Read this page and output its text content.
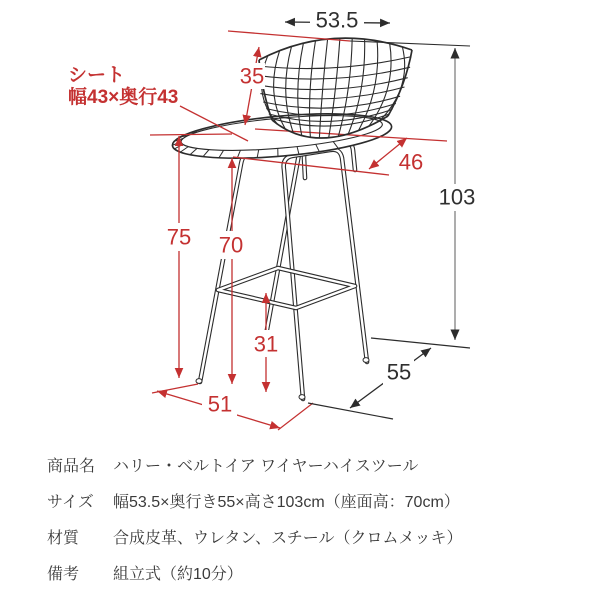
53.5
35
46
103
75 70
31
51
55
シート
幅43×奥行43
商品名	ハリー・ベルトイア ワイヤーハイスツール
サイズ	幅53.5×奥行き55×高さ103cm（座面高：70cm）
材質	合成皮革、ウレタン、スチール（クロムメッキ）
備考	組立式（約10分）
